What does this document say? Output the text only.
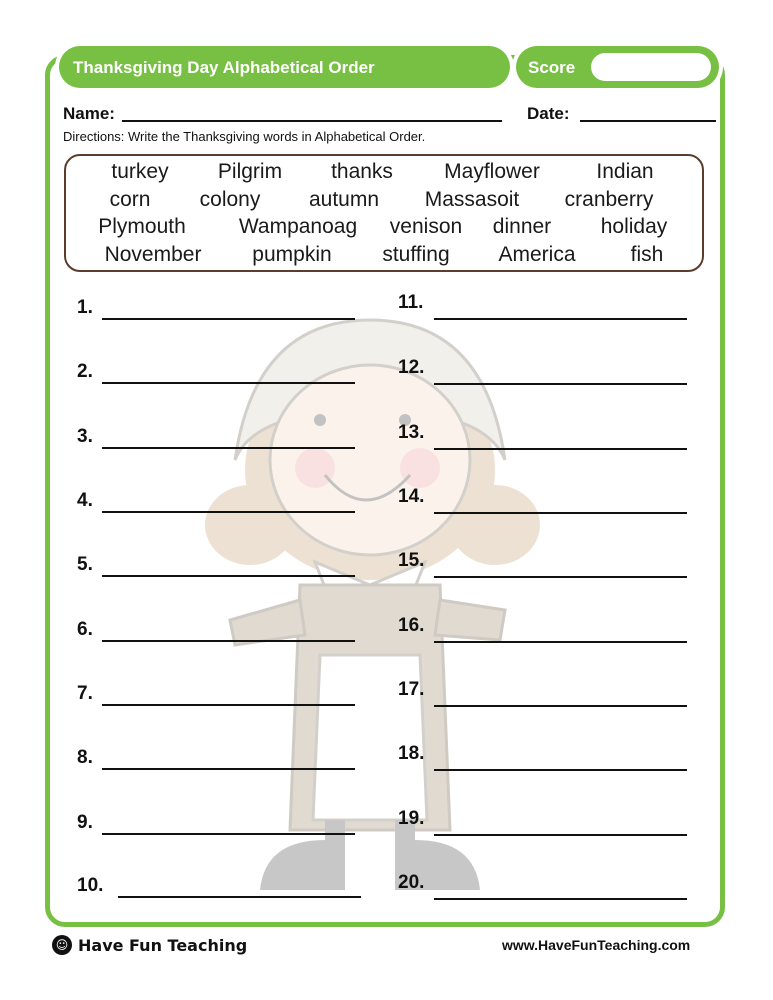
Thanksgiving Day Alphabetical Order	Score
Name:	Date:
Directions: Write the Thanksgiving words in Alphabetical Order.
turkey Pilgrim thanks Mayflower	Indian
corn colony autumn Massasoit cranberry
Plymouth	Wampanoag venison dinner holiday
November pumpkin stuffing America	fish
1.
2.
3.
4.
5.
6.
7.
8.
9.
10.
11.
12.
13.
14.
15.
16.
17.
18.
19.
20.
☺ Have Fun Teaching	www.HaveFunTeaching.com
